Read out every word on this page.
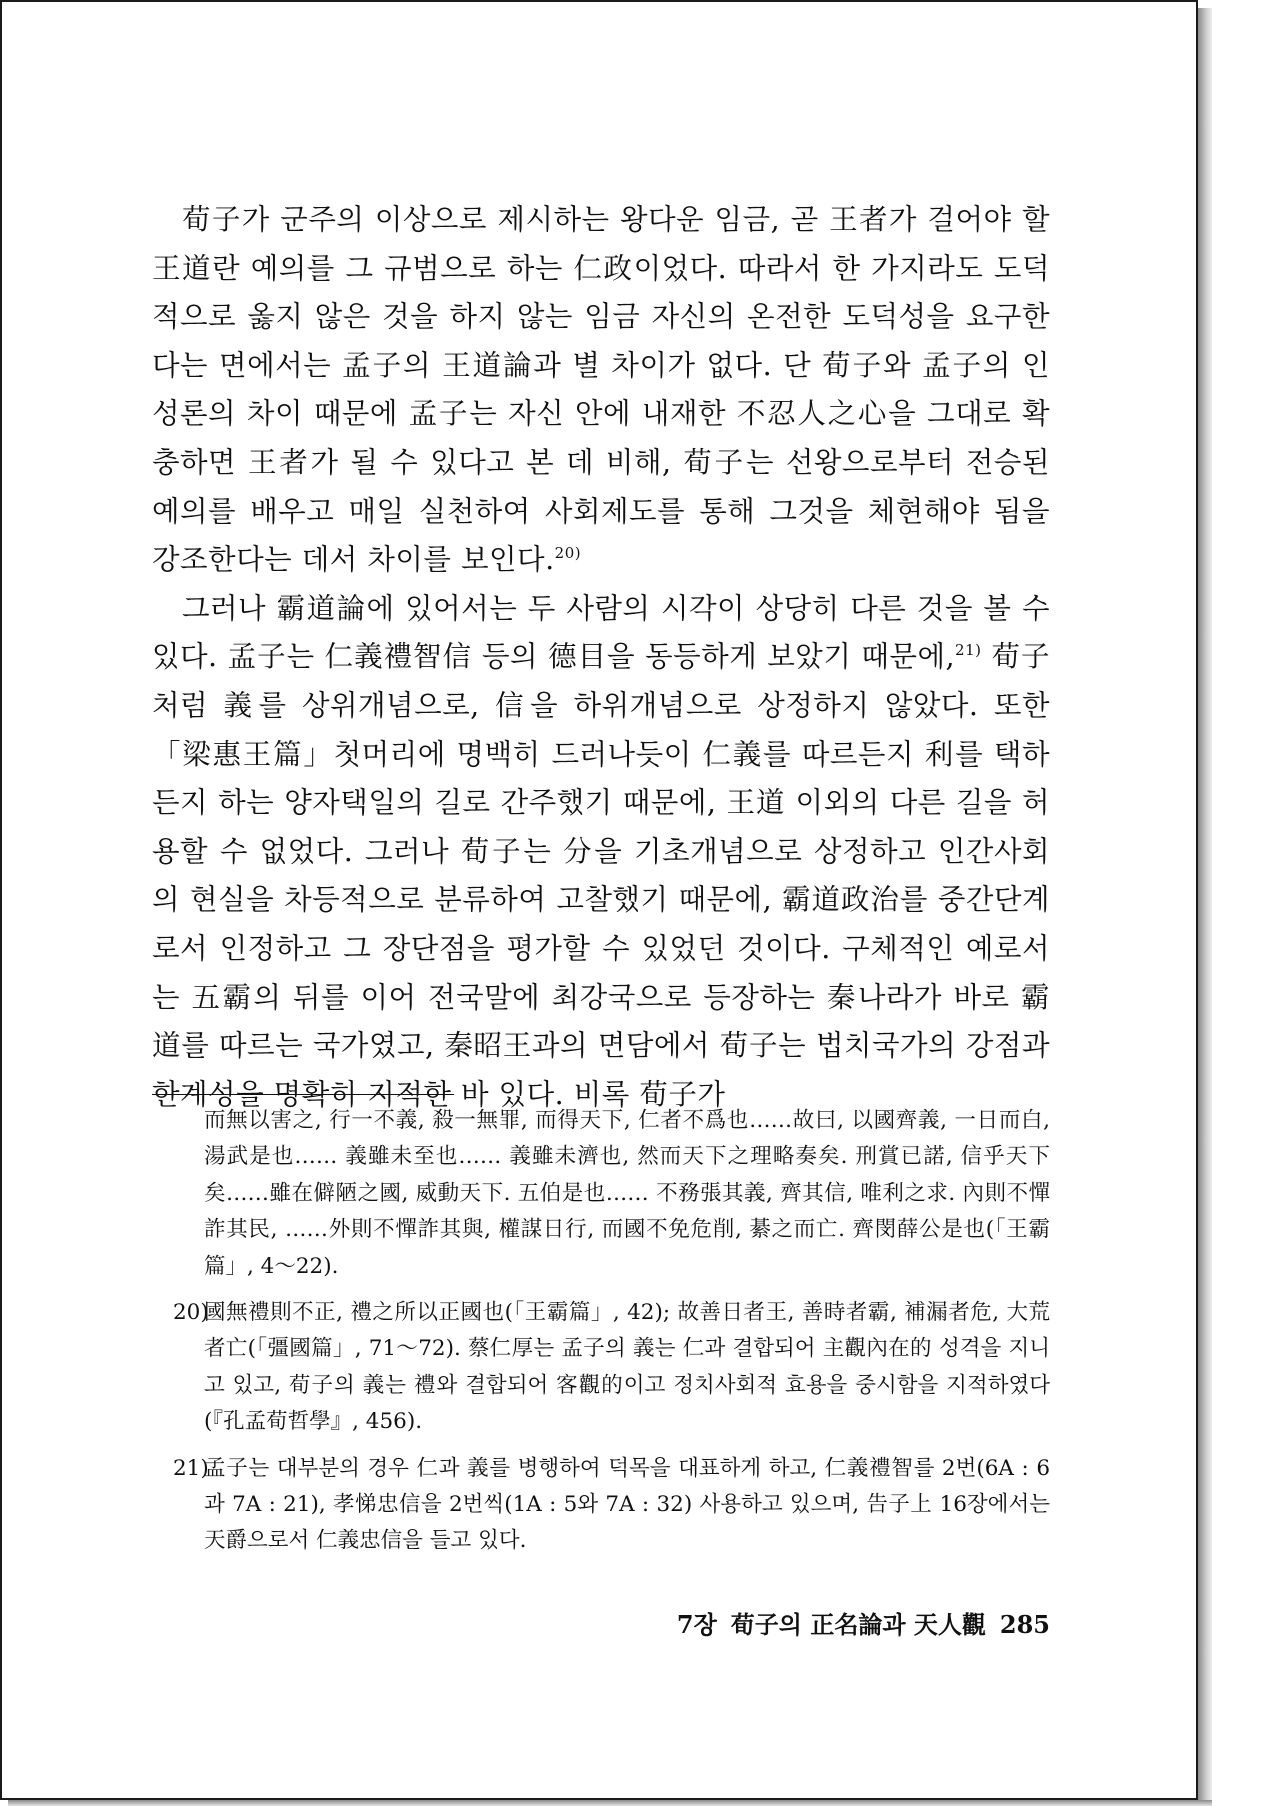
荀子가 군주의 이상으로 제시하는 왕다운 임금, 곧 王者가 걸어야 할 王道란 예의를 그 규범으로 하는 仁政이었다. 따라서 한 가지라도 도덕적으로 옳지 않은 것을 하지 않는 임금 자신의 온전한 도덕성을 요구한다는 면에서는 孟子의 王道論과 별 차이가 없다. 단 荀子와 孟子의 인성론의 차이 때문에 孟子는 자신 안에 내재한 不忍人之心을 그대로 확충하면 王者가 될 수 있다고 본 데 비해, 荀子는 선왕으로부터 전승된 예의를 배우고 매일 실천하여 사회제도를 통해 그것을 체현해야 됨을 강조한다는 데서 차이를 보인다.$^{20)}$

그러나 霸道論에 있어서는 두 사람의 시각이 상당히 다른 것을 볼 수 있다. 孟子는 仁義禮智信 등의 德目을 동등하게 보았기 때문에,$^{21)}$ 荀子처럼 義를 상위개념으로, 信을 하위개념으로 상정하지 않았다. 또한「梁惠王篇」첫머리에 명백히 드러나듯이 仁義를 따르든지 利를 택하든지 하는 양자택일의 길로 간주했기 때문에, 王道 이외의 다른 길을 허용할 수 없었다. 그러나 荀子는 分을 기초개념으로 상정하고 인간사회의 현실을 차등적으로 분류하여 고찰했기 때문에, 霸道政治를 중간단계로서 인정하고 그 장단점을 평가할 수 있었던 것이다. 구체적인 예로서는 五霸의 뒤를 이어 전국말에 최강국으로 등장하는 秦나라가 바로 霸道를 따르는 국가였고, 秦昭王과의 면담에서 荀子는 법치국가의 강점과 한계성을 명확히 지적한 바 있다. 비록 荀子가

而無以害之, 行一不義, 殺一無罪, 而得天下, 仁者不爲也……故曰, 以國齊義, 一日而白, 湯武是也…… 義雖未至也…… 義雖未濟也, 然而天下之理略奏矣. 刑賞已諾, 信乎天下矣……雖在僻陋之國, 威動天下. 五伯是也…… 不務張其義, 齊其信, 唯利之求. 內則不憚詐其民, ……外則不憚詐其與, 權謀日行, 而國不免危削, 綦之而亡. 齊閔薛公是也(「王霸篇」, 4～22).

20)
國無禮則不正, 禮之所以正國也(「王霸篇」, 42); 故善日者王, 善時者霸, 補漏者危, 大荒者亡(「彊國篇」, 71～72). 蔡仁厚는 孟子의 義는 仁과 결합되어 主觀內在的 성격을 지니고 있고, 荀子의 義는 禮와 결합되어 客觀的이고 정치사회적 효용을 중시함을 지적하였다(『孔孟荀哲學』, 456).

21)
孟子는 대부분의 경우 仁과 義를 병행하여 덕목을 대표하게 하고, 仁義禮智를 2번(6A : 6과 7A : 21), 孝悌忠信을 2번씩(1A : 5와 7A : 32) 사용하고 있으며, 告子上 16장에서는 天爵으로서 仁義忠信을 들고 있다.

7장 荀子의 正名論과 天人觀 285
